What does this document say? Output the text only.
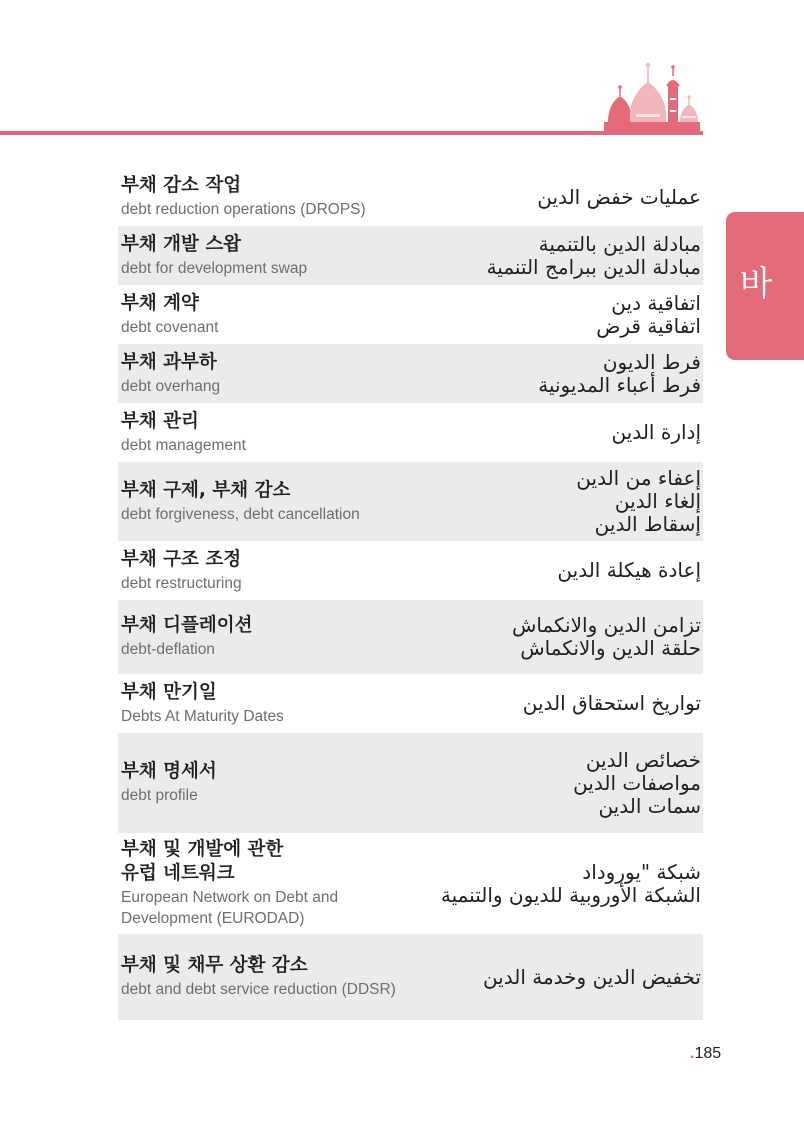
바
부채 감소 작업
debt reduction operations (DROPS)
عمليات خفض الدين
부채 개발 스왑
debt for development swap
مبادلة الدين بالتنمية
مبادلة الدين ببرامج التنمية
부채 계약
debt covenant
اتفاقية دين
اتفاقية قرض
부채 과부하
debt overhang
فرط الديون
فرط أعباء المديونية
부채 관리
debt management
إدارة الدين
부채 구제, 부채 감소
debt forgiveness, debt cancellation
إعفاء من الدين
إلغاء الدين
إسقاط الدين
부채 구조 조정
debt restructuring
إعادة هيكلة الدين
부채 디플레이션
debt-deflation
تزامن الدين والانكماش
حلقة الدين والانكماش
부채 만기일
Debts At Maturity Dates
تواريخ استحقاق الدين
부채 명세서
debt profile
خصائص الدين
مواصفات الدين
سمات الدين
부채 및 개발에 관한
유럽 네트워크
European Network on Debt and Development (EURODAD)
شبكة "يوروداد
الشبكة الأوروبية للديون والتنمية
부채 및 채무 상환 감소
debt and debt service reduction (DDSR)
تخفيض الدين وخدمة الدين
.185
